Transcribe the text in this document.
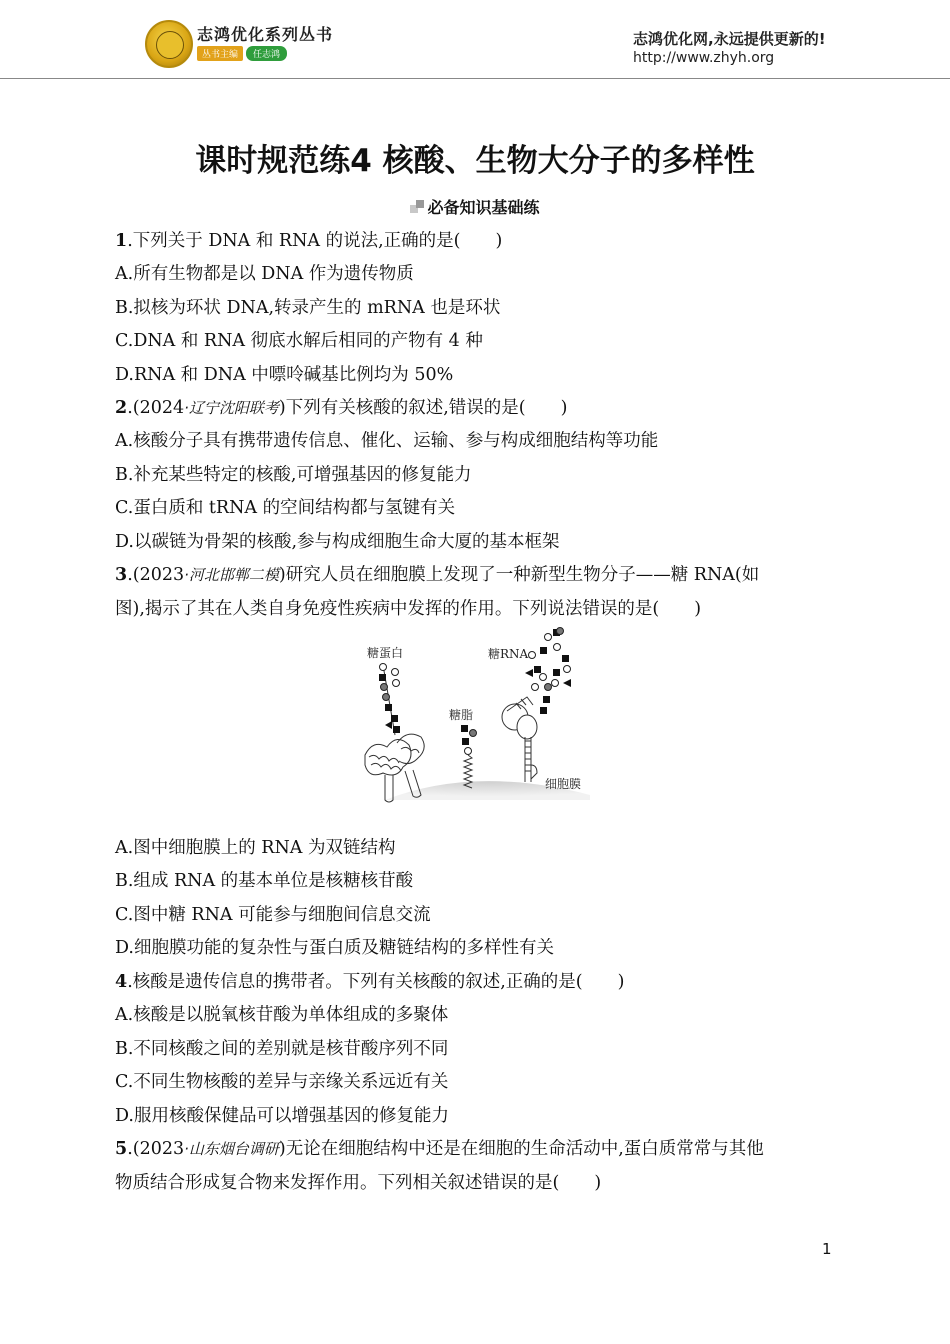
志鸿优化系列丛书
丛书主编 任志鸿
志鸿优化网,永远提供更新的!
http://www.zhyh.org
课时规范练4 核酸、生物大分子的多样性
必备知识基础练
1.下列关于 DNA 和 RNA 的说法,正确的是(　　)
A.所有生物都是以 DNA 作为遗传物质
B.拟核为环状 DNA,转录产生的 mRNA 也是环状
C.DNA 和 RNA 彻底水解后相同的产物有 4 种
D.RNA 和 DNA 中嘌呤碱基比例均为 50%
2.(2024·辽宁沈阳联考)下列有关核酸的叙述,错误的是(　　)
A.核酸分子具有携带遗传信息、催化、运输、参与构成细胞结构等功能
B.补充某些特定的核酸,可增强基因的修复能力
C.蛋白质和 tRNA 的空间结构都与氢键有关
D.以碳链为骨架的核酸,参与构成细胞生命大厦的基本框架
3.(2023·河北邯郸二模)研究人员在细胞膜上发现了一种新型生物分子——糖 RNA(如
图),揭示了其在人类自身免疫性疾病中发挥的作用。下列说法错误的是(　　)
糖蛋白
糖脂
糖RNA
细胞膜
A.图中细胞膜上的 RNA 为双链结构
B.组成 RNA 的基本单位是核糖核苷酸
C.图中糖 RNA 可能参与细胞间信息交流
D.细胞膜功能的复杂性与蛋白质及糖链结构的多样性有关
4.核酸是遗传信息的携带者。下列有关核酸的叙述,正确的是(　　)
A.核酸是以脱氧核苷酸为单体组成的多聚体
B.不同核酸之间的差别就是核苷酸序列不同
C.不同生物核酸的差异与亲缘关系远近有关
D.服用核酸保健品可以增强基因的修复能力
5.(2023·山东烟台调研)无论在细胞结构中还是在细胞的生命活动中,蛋白质常常与其他
物质结合形成复合物来发挥作用。下列相关叙述错误的是(　　)
1
